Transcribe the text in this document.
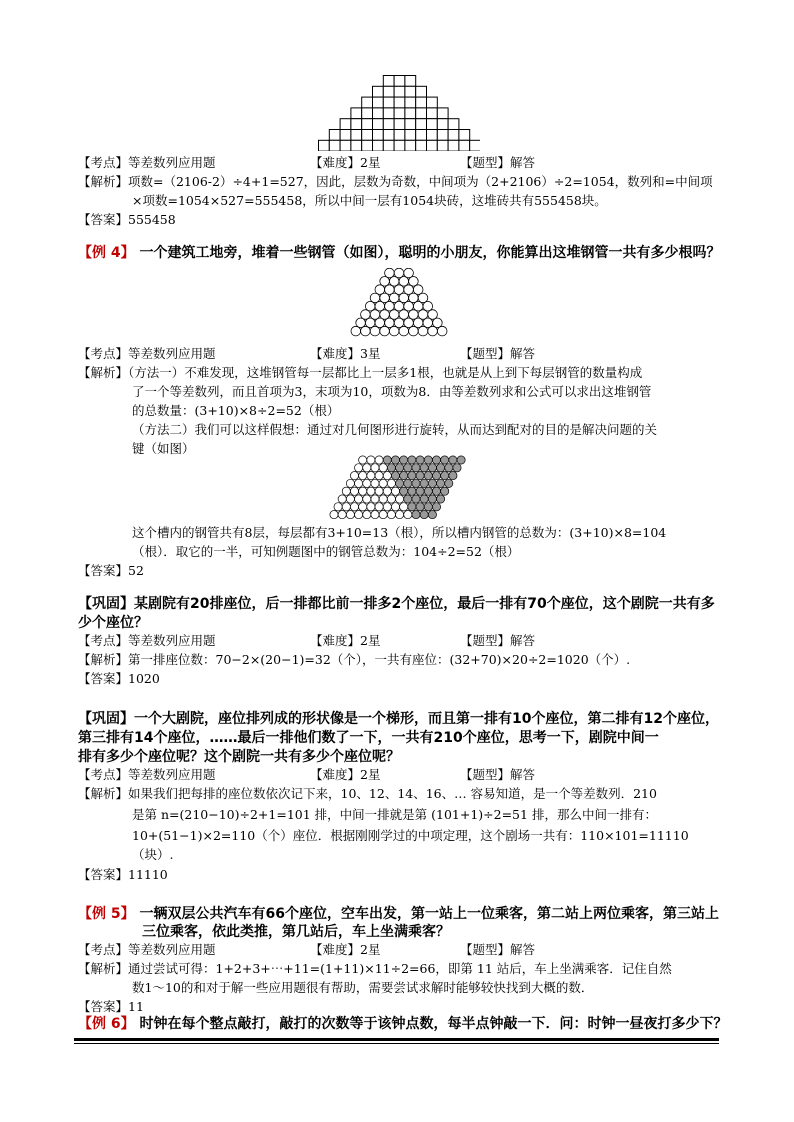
【考点】等差数列应用题	【难度】2星	【题型】解答
【解析】项数=（2106-2）÷4+1=527，因此，层数为奇数，中间项为（2+2106）÷2=1054，数列和=中间项
×项数=1054×527=555458，所以中间一层有1054块砖，这堆砖共有555458块。
【答案】555458
【例 4】 一个建筑工地旁，堆着一些钢管（如图），聪明的小朋友，你能算出这堆钢管一共有多少根吗？
【考点】等差数列应用题	【难度】3星	【题型】解答
【解析】（方法一）不难发现，这堆钢管每一层都比上一层多1根，也就是从上到下每层钢管的数量构成
了一个等差数列，而且首项为3，末项为10，项数为8．由等差数列求和公式可以求出这堆钢管
的总数量：(3+10)×8÷2=52（根）
（方法二）我们可以这样假想：通过对几何图形进行旋转，从而达到配对的目的是解决问题的关
键（如图）
这个槽内的钢管共有8层，每层都有3+10=13（根），所以槽内钢管的总数为：(3+10)×8=104
（根）．取它的一半，可知例题图中的钢管总数为：104÷2=52（根）
【答案】52
【巩固】某剧院有20排座位，后一排都比前一排多2个座位，最后一排有70个座位，这个剧院一共有多
少个座位？
【考点】等差数列应用题	【难度】2星	【题型】解答
【解析】第一排座位数：70−2×(20−1)=32（个），一共有座位：(32+70)×20÷2=1020（个）.
【答案】1020
【巩固】一个大剧院，座位排列成的形状像是一个梯形，而且第一排有10个座位，第二排有12个座位，
第三排有14个座位，……最后一排他们数了一下，一共有210个座位，思考一下，剧院中间一
排有多少个座位呢？这个剧院一共有多少个座位呢？
【考点】等差数列应用题	【难度】2星	【题型】解答
【解析】如果我们把每排的座位数依次记下来，10、12、14、16、… 容易知道，是一个等差数列．210
是第 n=(210−10)÷2+1=101 排，中间一排就是第 (101+1)÷2=51 排，那么中间一排有：
10+(51−1)×2=110（个）座位．根据刚刚学过的中项定理，这个剧场一共有：110×101=11110
（块）.
【答案】11110
【例 5】 一辆双层公共汽车有66个座位，空车出发，第一站上一位乘客，第二站上两位乘客，第三站上
三位乘客，依此类推，第几站后，车上坐满乘客？
【考点】等差数列应用题	【难度】2星	【题型】解答
【解析】通过尝试可得：1+2+3+⋯+11=(1+11)×11÷2=66，即第 11 站后，车上坐满乘客．记住自然
数1～10的和对于解一些应用题很有帮助，需要尝试求解时能够较快找到大概的数．
【答案】11
【例 6】 时钟在每个整点敲打，敲打的次数等于该钟点数，每半点钟敲一下．问：时钟一昼夜打多少下？
